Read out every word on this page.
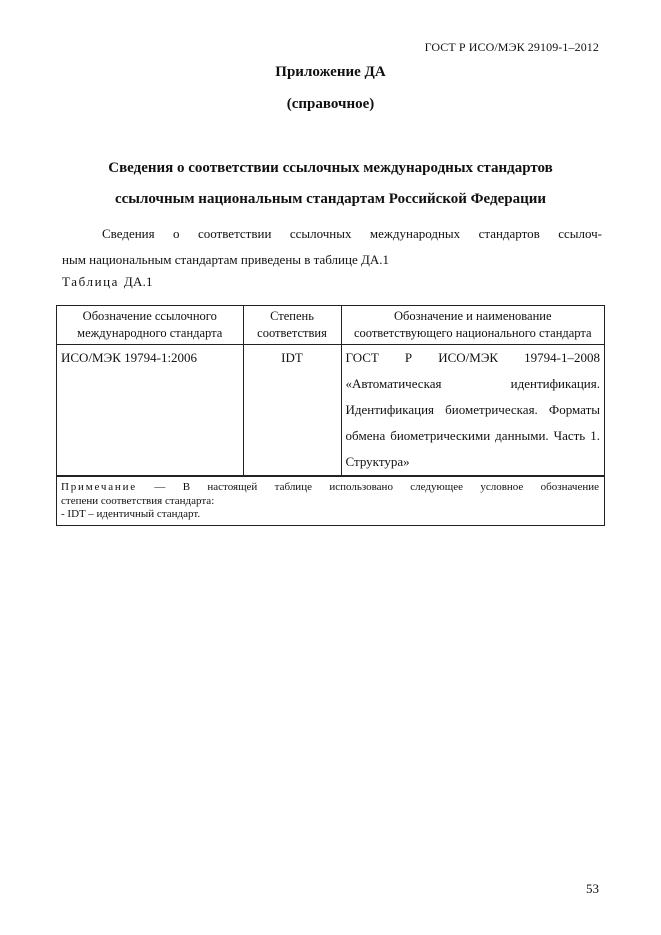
ГОСТ Р ИСО/МЭК 29109-1–2012
Приложение ДА
(справочное)
Сведения о соответствии ссылочных международных стандартов
ссылочным национальным стандартам Российской Федерации
Сведения о соответствии ссылочных международных стандартов ссылоч-
ным национальным стандартам приведены в таблице ДА.1
Таблица ДА.1
Обозначение ссылочного международного стандарта	Степень соответствия	Обозначение и наименование соответствующего национального стандарта
ИСО/МЭК 19794-1:2006	IDT	ГОСТ Р ИСО/МЭК 19794-1–2008 «Автоматическая идентификация. Идентификация биометрическая. Форматы обмена биометрическими данными. Часть 1. Структура»
Примечание — В настоящей таблице использовано следующее условное обозначение
степени соответствия стандарта:
- IDT – идентичный стандарт.
53
